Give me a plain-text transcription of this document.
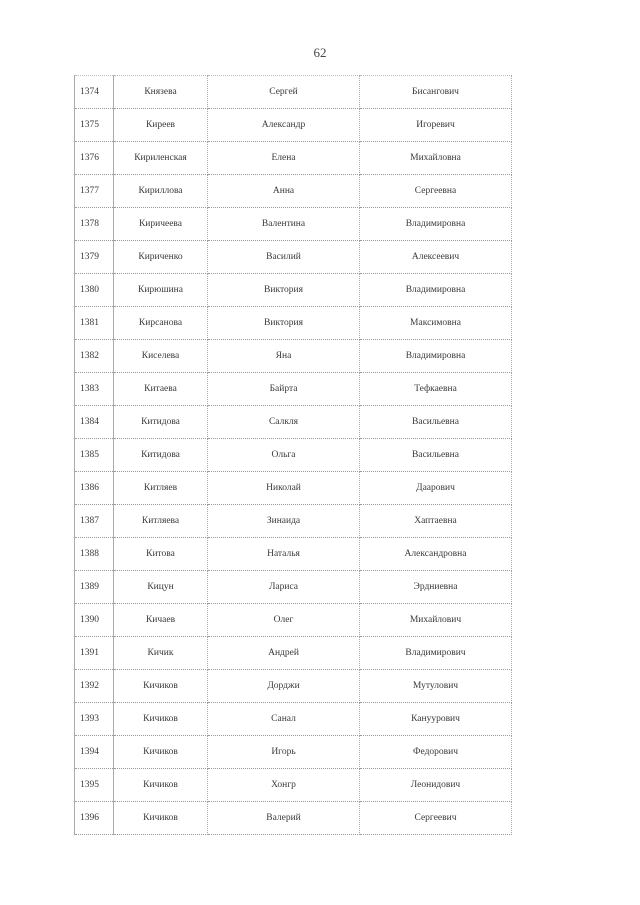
62
1374	Князева	Сергей	Бисангович
1375	Киреев	Александр	Игоревич
1376	Кириленская	Елена	Михайловна
1377	Кириллова	Анна	Сергеевна
1378	Киричеева	Валентина	Владимировна
1379	Кириченко	Василий	Алексеевич
1380	Кирюшина	Виктория	Владимировна
1381	Кирсанова	Виктория	Максимовна
1382	Киселева	Яна	Владимировна
1383	Китаева	Байрта	Тефкаевна
1384	Китидова	Салкля	Васильевна
1385	Китидова	Ольга	Васильевна
1386	Китляев	Николай	Даарович
1387	Китляева	Зинаида	Хаптаевна
1388	Китова	Наталья	Александровна
1389	Кицун	Лариса	Эрдниевна
1390	Кичаев	Олег	Михайлович
1391	Кичик	Андрей	Владимирович
1392	Кичиков	Дорджи	Мутулович
1393	Кичиков	Санал	Кануурович
1394	Кичиков	Игорь	Федорович
1395	Кичиков	Хонгр	Леонидович
1396	Кичиков	Валерий	Сергеевич
